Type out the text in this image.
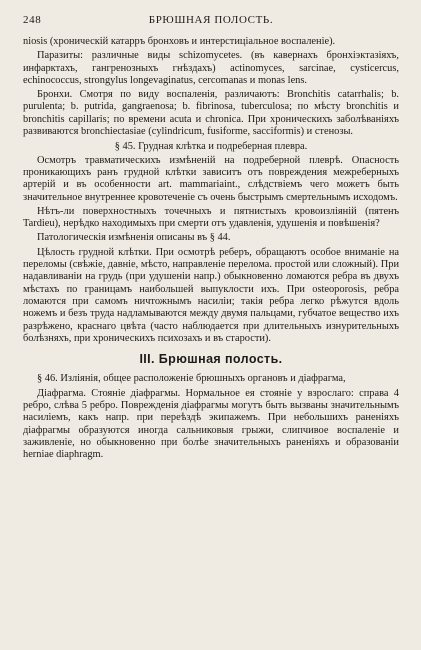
248	БРЮШНАЯ ПОЛОСТЬ.

niosis (хроническій катарръ бронховъ и интерстиціальное воспаленіе).

Паразиты: различные виды schizomycetes. (въ кавернахъ бронхіэктазіяхъ, инфарктахъ, гангренозныхъ гнѣздахъ) actinomyces, sarcinae, cysticercus, echinococcus, strongylus longevaginatus, cercomanas и monas lens.

Бронхи. Смотря по виду воспаленія, различаютъ: Bronchitis catarrhalis; b. purulenta; b. putrida, gangraenosa; b. fibrinosa, tuberculosa; по мѣсту bronchitis и bronchitis capillaris; по времени acuta и chronica. При хроническихъ заболѣваніяхъ развиваются bronchiectasiae (cylindricum, fusiforme, sacciformis) и стенозы.

§ 45. Грудная клѣтка и подреберная плевра.

Осмотръ травматическихъ измѣненій на подреберной плеврѣ. Опасность проникающихъ ранъ грудной клѣтки зависитъ отъ повреждения межреберныхъ артерій и въ особенности art. mammariaint., слѣдствіемъ чего можетъ быть значительное внутреннее кровотеченіе съ очень быстрымъ смертельнымъ исходомъ.

Нѣтъ-ли поверхностныхъ точечныхъ и пятнистыхъ кровоизліяній (пятенъ Tardieu), нерѣдко находимыхъ при смерти отъ удавленія, удушенія и повѣшенія?

Патологическія измѣненія описаны въ § 44.

Цѣлость грудной клѣтки. При осмотрѣ реберъ, обращаютъ особое вниманіе на переломы (свѣжіе, давніе, мѣсто, направленіе перелома. простой или сложный). При надавливаніи на грудь (при удушеніи напр.) обыкновенно ломаются ребра въ двухъ мѣстахъ по границамъ наибольшей выпуклости ихъ. При osteoporosis, ребра ломаются при самомъ ничтожнымъ насиліи; такія ребра легко рѣжутся вдоль ножемъ и безъ труда надламываются между двумя пальцами, губчатое вещество ихъ разрѣжено, краснаго цвѣта (часто наблюдается при длительныхъ изнурительныхъ болѣзняхъ, при хроническихъ психозахъ и въ старости).

III. Брюшная полость.

§ 46. Излiянiя, общее расположеніе брюшныхъ органовъ и діафрагма,

Діафрагма. Стояніе діафрагмы. Нормальное ея стояніе у взрослаго: справа 4 ребро, слѣва 5 ребро. Поврежденія діафрагмы могутъ быть вызваны значительнымъ насиліемъ, какъ напр. при переѣздѣ экипажемъ. При небольшихъ раненіяхъ діафрагмы образуются иногда сальниковыя грыжи, слипчивое воспаленіе и заживленіе, но обыкновенно при болѣе значительныхъ раненіяхъ и образованіи herniae diaphragm.
